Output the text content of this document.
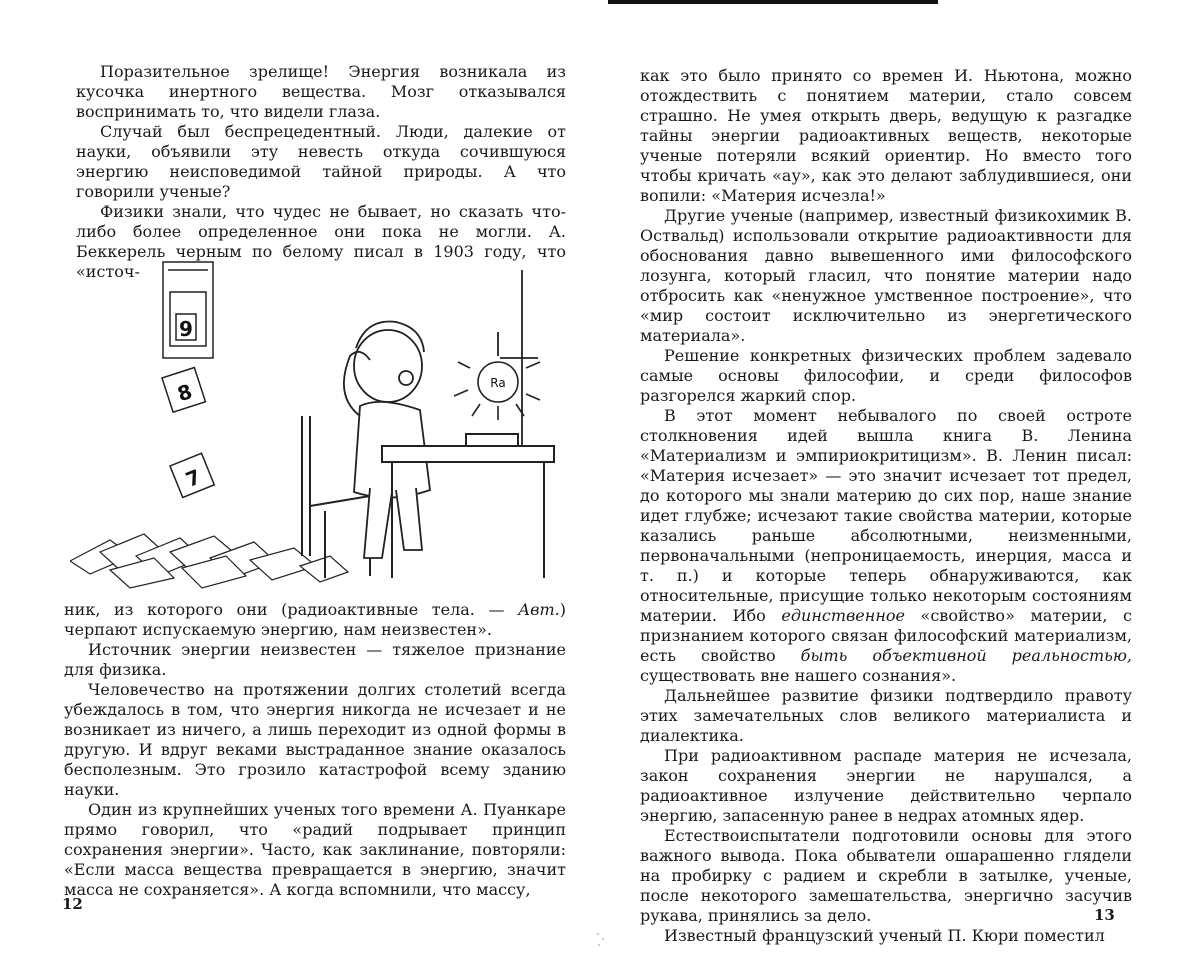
Поразительное зрелище! Энергия возникала из кусочка инертного вещества. Мозг отказывался воспринимать то, что видели глаза.

Случай был беспрецедентный. Люди, далекие от науки, объявили эту невесть откуда сочившуюся энергию неисповедимой тайной природы. А что говорили ученые?

Физики знали, что чудес не бывает, но сказать что-либо более определенное они пока не могли. А. Беккерель черным по белому писал в 1903 году, что «источ-

9
8
7
Ra

ник, из которого они (радиоактивные тела. — Авт.) черпают испускаемую энергию, нам неизвестен».

Источник энергии неизвестен — тяжелое признание для физика.

Человечество на протяжении долгих столетий всегда убеждалось в том, что энергия никогда не исчезает и не возникает из ничего, а лишь переходит из одной формы в другую. И вдруг веками выстраданное знание оказалось бесполезным. Это грозило катастрофой всему зданию науки.

Один из крупнейших ученых того времени А. Пуанкаре прямо говорил, что «радий подрывает принцип сохранения энергии». Часто, как заклинание, повторяли: «Если масса вещества превращается в энергию, значит масса не сохраняется». А когда вспомнили, что массу,

12

как это было принято со времен И. Ньютона, можно отождествить с понятием материи, стало совсем страшно. Не умея открыть дверь, ведущую к разгадке тайны энергии радиоактивных веществ, некоторые ученые потеряли всякий ориентир. Но вместо того чтобы кричать «ау», как это делают заблудившиеся, они вопили: «Материя исчезла!»

Другие ученые (например, известный физикохимик В. Оствальд) использовали открытие радиоактивности для обоснования давно вывешенного ими философского лозунга, который гласил, что понятие материи надо отбросить как «ненужное умственное построение», что «мир состоит исключительно из энергетического материала».

Решение конкретных физических проблем задевало самые основы философии, и среди философов разгорелся жаркий спор.

В этот момент небывалого по своей остроте столкновения идей вышла книга В. Ленина «Материализм и эмпириокритицизм». В. Ленин писал: «Материя исчезает» — это значит исчезает тот предел, до которого мы знали материю до сих пор, наше знание идет глубже; исчезают такие свойства материи, которые казались раньше абсолютными, неизменными, первоначальными (непроницаемость, инерция, масса и т. п.) и которые теперь обнаруживаются, как относительные, присущие только некоторым состояниям материи. Ибо единственное «свойство» материи, с признанием которого связан философский материализм, есть свойство быть объективной реальностью, существовать вне нашего сознания».

Дальнейшее развитие физики подтвердило правоту этих замечательных слов великого материалиста и диалектика.

При радиоактивном распаде материя не исчезала, закон сохранения энергии не нарушался, а радиоактивное излучение действительно черпало энергию, запасенную ранее в недрах атомных ядер.

Естествоиспытатели подготовили основы для этого важного вывода. Пока обыватели ошарашенно глядели на пробирку с радием и скребли в затылке, ученые, после некоторого замешательства, энергично засучив рукава, принялись за дело.

Известный французский ученый П. Кюри поместил

13
